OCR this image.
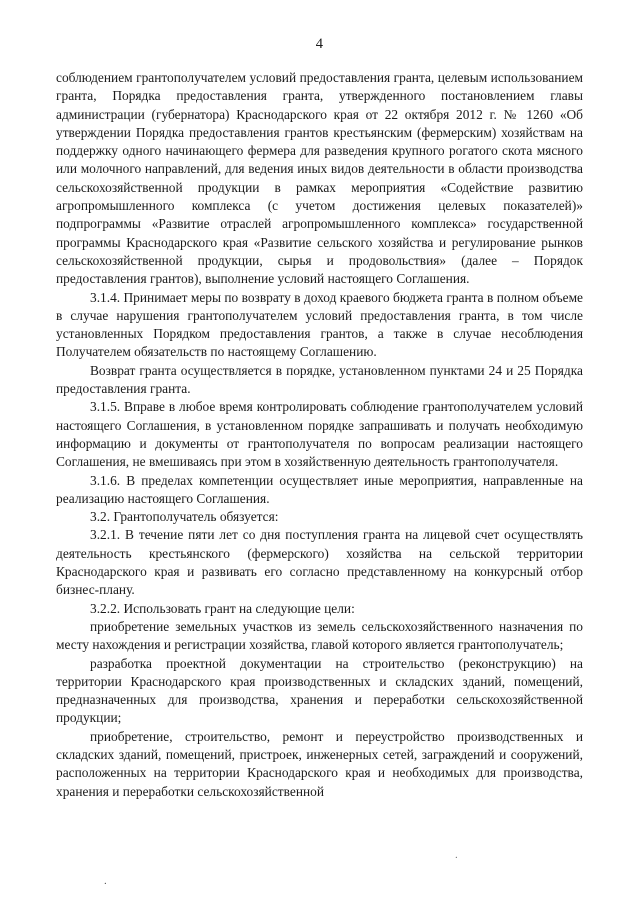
4

соблюдением грантополучателем условий предоставления гранта, целевым использованием гранта, Порядка предоставления гранта, утвержденного постановлением главы администрации (губернатора) Краснодарского края от 22 октября 2012 г. № 1260 «Об утверждении Порядка предоставления грантов крестьянским (фермерским) хозяйствам на поддержку одного начинающего фермера для разведения крупного рогатого скота мясного или молочного направлений, для ведения иных видов деятельности в области производства сельскохозяйственной продукции в рамках мероприятия «Содействие развитию агропромышленного комплекса (с учетом достижения целевых показателей)» подпрограммы «Развитие отраслей агропромышленного комплекса» государственной программы Краснодарского края «Развитие сельского хозяйства и регулирование рынков сельскохозяйственной продукции, сырья и продовольствия» (далее – Порядок предоставления грантов), выполнение условий настоящего Соглашения.

3.1.4. Принимает меры по возврату в доход краевого бюджета гранта в полном объеме в случае нарушения грантополучателем условий предоставления гранта, в том числе установленных Порядком предоставления грантов, а также в случае несоблюдения Получателем обязательств по настоящему Соглашению.

Возврат гранта осуществляется в порядке, установленном пунктами 24 и 25 Порядка предоставления гранта.

3.1.5. Вправе в любое время контролировать соблюдение грантополучателем условий настоящего Соглашения, в установленном порядке запрашивать и получать необходимую информацию и документы от грантополучателя по вопросам реализации настоящего Соглашения, не вмешиваясь при этом в хозяйственную деятельность грантополучателя.

3.1.6. В пределах компетенции осуществляет иные мероприятия, направленные на реализацию настоящего Соглашения.

3.2. Грантополучатель обязуется:

3.2.1. В течение пяти лет со дня поступления гранта на лицевой счет осуществлять деятельность крестьянского (фермерского) хозяйства на сельской территории Краснодарского края и развивать его согласно представленному на конкурсный отбор бизнес-плану.

3.2.2. Использовать грант на следующие цели:

приобретение земельных участков из земель сельскохозяйственного назначения по месту нахождения и регистрации хозяйства, главой которого является грантополучатель;

разработка проектной документации на строительство (реконструкцию) на территории Краснодарского края производственных и складских зданий, помещений, предназначенных для производства, хранения и переработки сельскохозяйственной продукции;

приобретение, строительство, ремонт и переустройство производственных и складских зданий, помещений, пристроек, инженерных сетей, заграждений и сооружений, расположенных на территории Краснодарского края и необходимых для производства, хранения и переработки сельскохозяйственной

.
.
